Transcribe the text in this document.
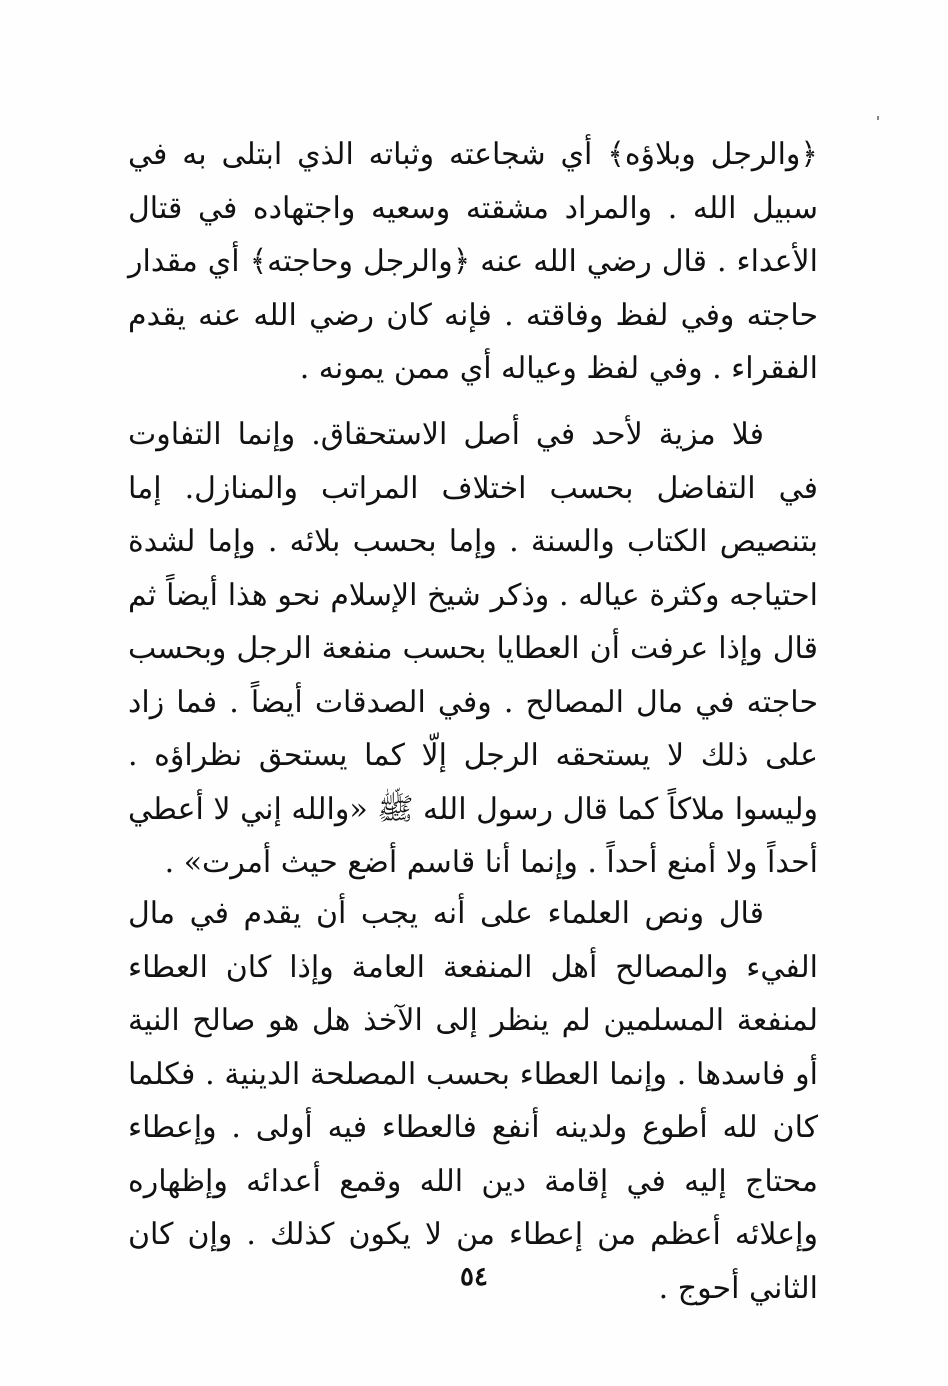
﴿والرجل وبلاؤه﴾ أي شجاعته وثباته الذي ابتلى به في سبيل الله . والمراد مشقته وسعيه واجتهاده في قتال الأعداء . قال رضي الله عنه ﴿والرجل وحاجته﴾ أي مقدار حاجته وفي لفظ وفاقته . فإنه كان رضي الله عنه يقدم الفقراء . وفي لفظ وعياله أي ممن يمونه .

فلا مزية لأحد في أصل الاستحقاق. وإنما التفاوت في التفاضل بحسب اختلاف المراتب والمنازل. إما بتنصيص الكتاب والسنة . وإما بحسب بلائه . وإما لشدة احتياجه وكثرة عياله . وذكر شيخ الإسلام نحو هذا أيضاً ثم قال وإذا عرفت أن العطايا بحسب منفعة الرجل وبحسب حاجته في مال المصالح . وفي الصدقات أيضاً . فما زاد على ذلك لا يستحقه الرجل إلّا كما يستحق نظراؤه . وليسوا ملاكاً كما قال رسول الله ﷺ «والله إني لا أعطي أحداً ولا أمنع أحداً . وإنما أنا قاسم أضع حيث أمرت» .

قال ونص العلماء على أنه يجب أن يقدم في مال الفيء والمصالح أهل المنفعة العامة وإذا كان العطاء لمنفعة المسلمين لم ينظر إلى الآخذ هل هو صالح النية أو فاسدها . وإنما العطاء بحسب المصلحة الدينية . فكلما كان لله أطوع ولدينه أنفع فالعطاء فيه أولى . وإعطاء محتاج إليه في إقامة دين الله وقمع أعدائه وإظهاره وإعلائه أعظم من إعطاء من لا يكون كذلك . وإن كان الثاني أحوج .

٥٤
